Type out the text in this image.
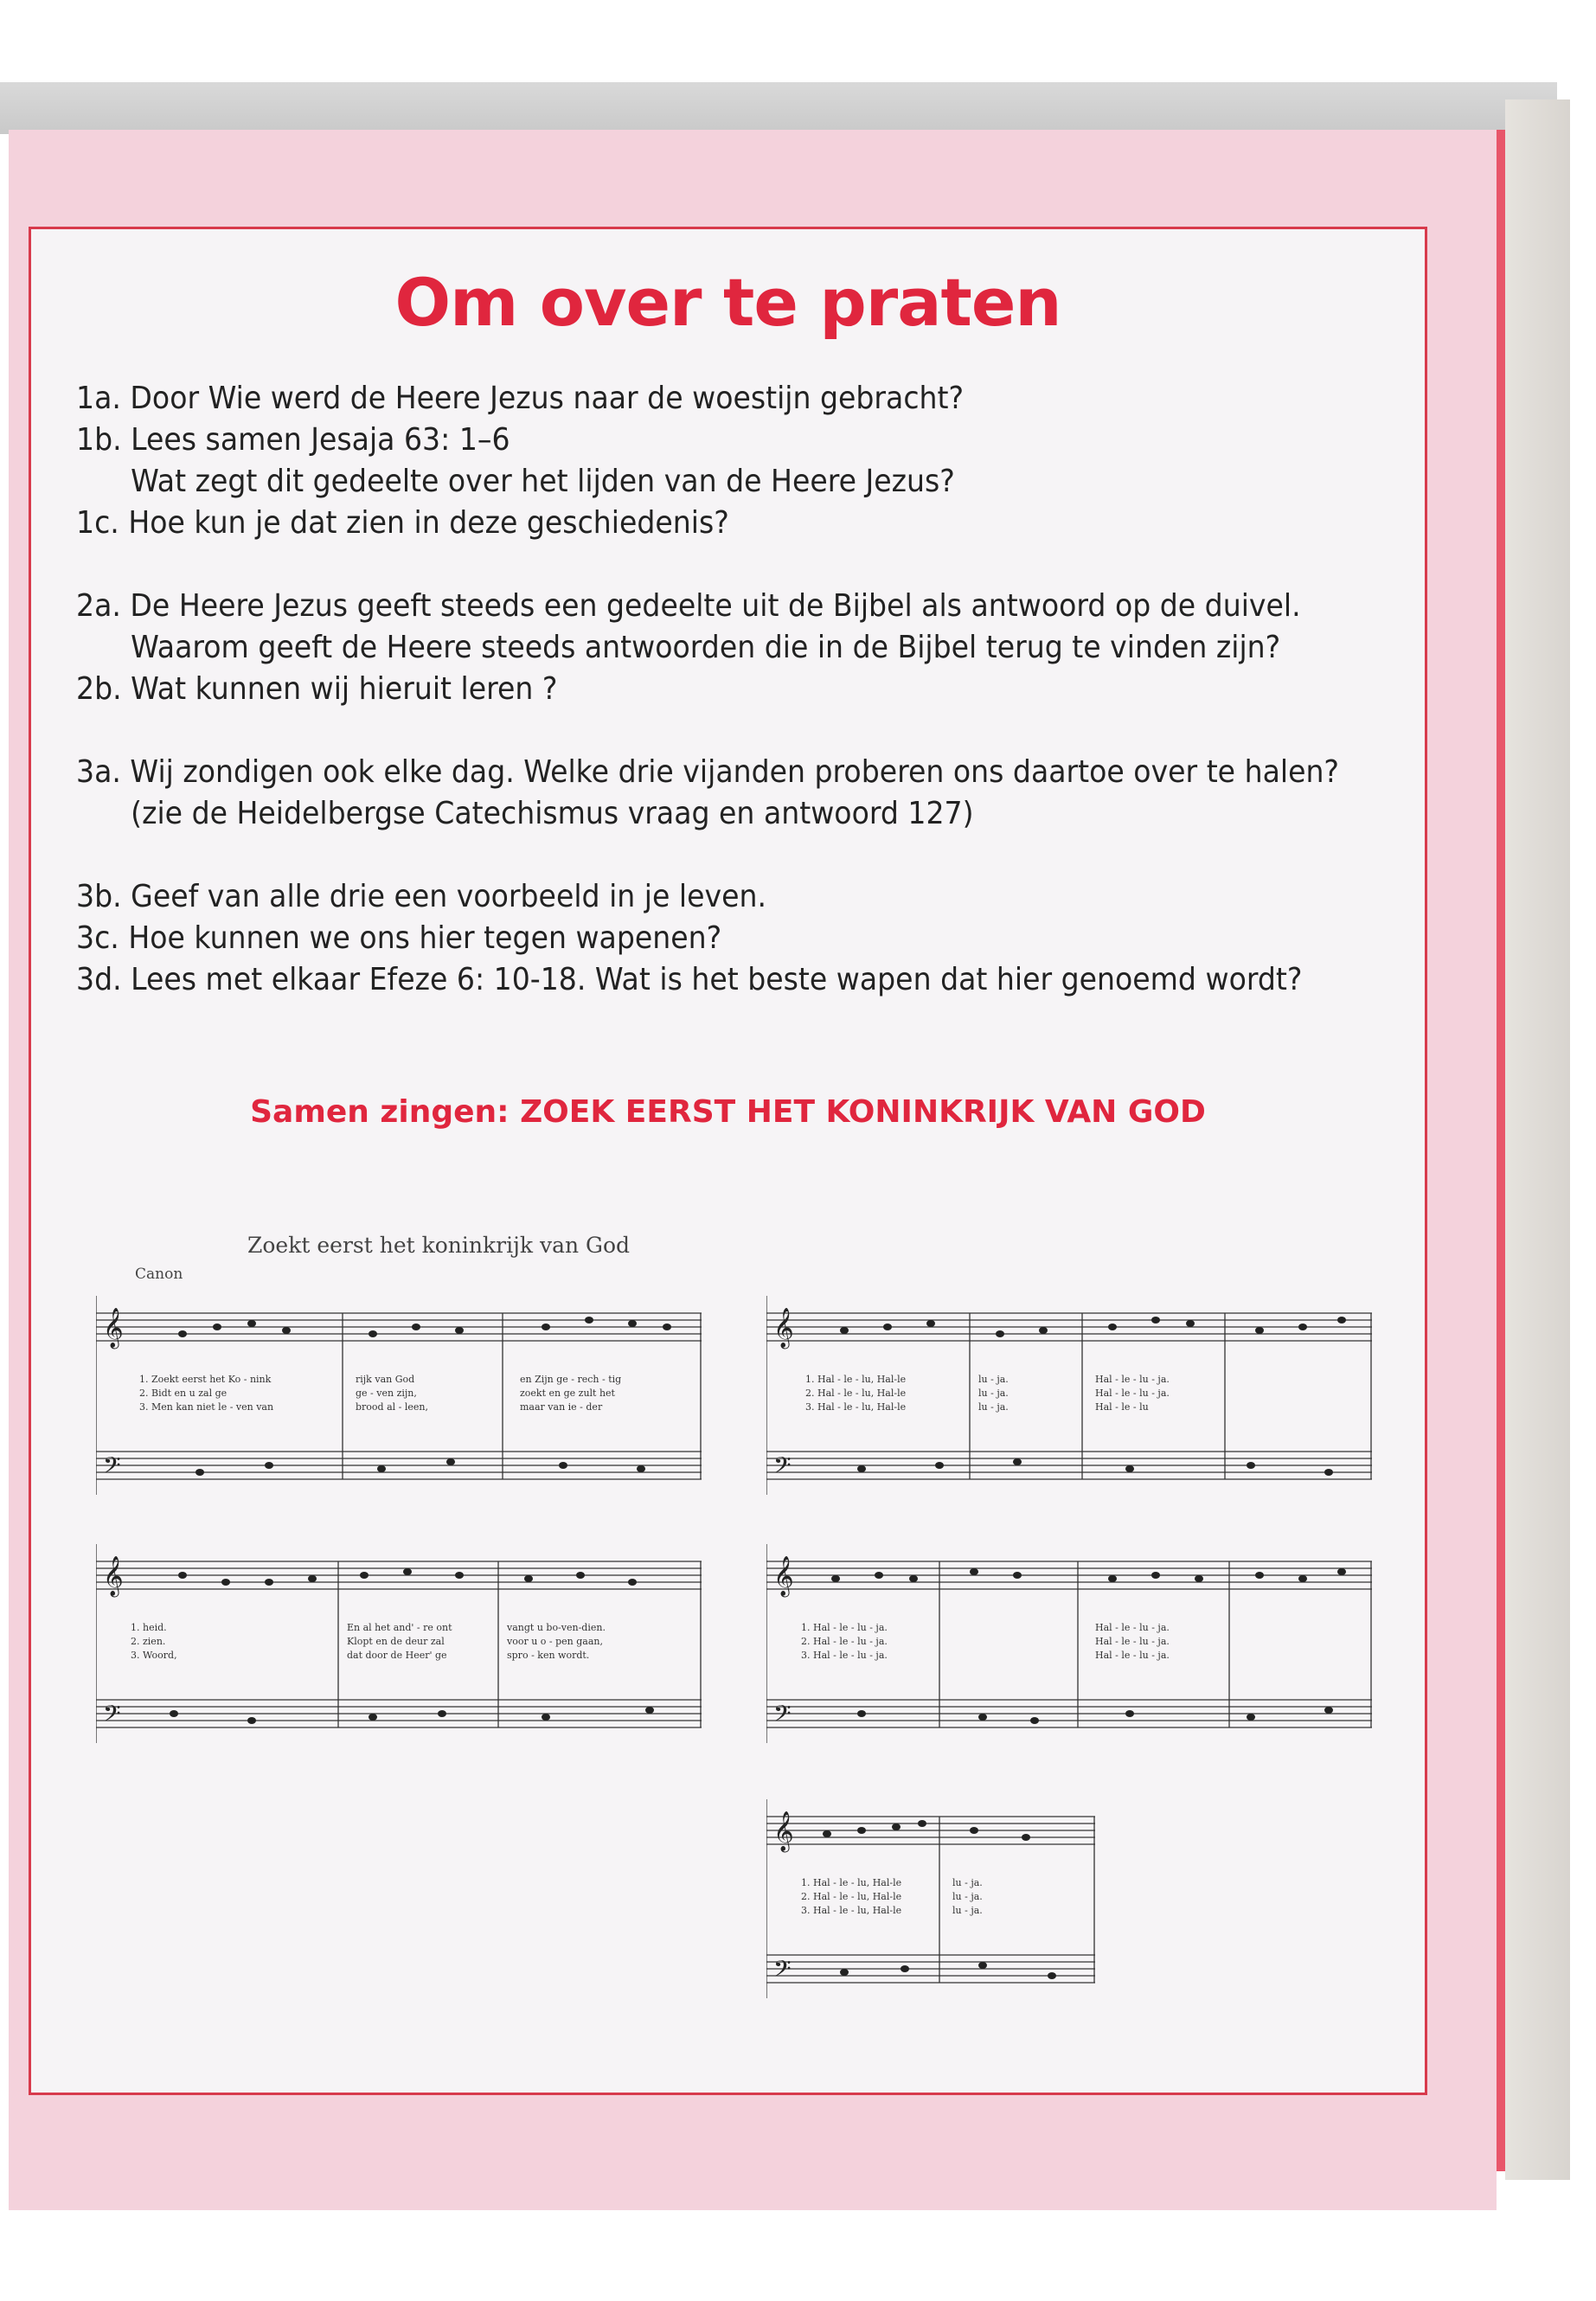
Om over te praten
1a. Door Wie werd de Heere Jezus naar de woestijn gebracht?
1b. Lees samen Jesaja 63: 1–6
Wat zegt dit gedeelte over het lijden van de Heere Jezus?
1c. Hoe kun je dat zien in deze geschiedenis?
2a. De Heere Jezus geeft steeds een gedeelte uit de Bijbel als antwoord op de duivel.
Waarom geeft de Heere steeds antwoorden die in de Bijbel terug te vinden zijn?
2b. Wat kunnen wij hieruit leren ?
3a. Wij zondigen ook elke dag. Welke drie vijanden proberen ons daartoe over te halen?
(zie de Heidelbergse Catechismus vraag en antwoord 127)
3b. Geef van alle drie een voorbeeld in je leven.
3c. Hoe kunnen we ons hier tegen wapenen?
3d. Lees met elkaar Efeze 6: 10-18. Wat is het beste wapen dat hier genoemd wordt?
Samen zingen: ZOEK EERST HET KONINKRIJK VAN GOD
Zoekt eerst het koninkrijk van God
Canon
𝄞
𝄢
1. Zoekt eerst het Ko - nink	rijk van God	en Zijn ge - rech - tig
2. Bidt en u zal ge	ge - ven zijn,	zoekt en ge zult het
3. Men kan niet le - ven van	brood al - leen,	maar van ie - der
𝄞
𝄢
1. Hal - le - lu, Hal-le	lu - ja.	Hal - le - lu - ja.
2. Hal - le - lu, Hal-le	lu - ja.	Hal - le - lu - ja.
3. Hal - le - lu, Hal-le	lu - ja.	Hal - le - lu
𝄞
𝄢
1. heid.	En al het and' - re ont	vangt u bo-ven-dien.
2. zien.	Klopt en de deur zal	voor u o - pen gaan,
3. Woord,	dat door de Heer' ge	spro - ken wordt.
𝄞
𝄢
1. Hal - le - lu - ja.	Hal - le - lu - ja.
2. Hal - le - lu - ja.	Hal - le - lu - ja.
3. Hal - le - lu - ja.	Hal - le - lu - ja.
𝄞
𝄢
1. Hal - le - lu, Hal-le	lu - ja.
2. Hal - le - lu, Hal-le	lu - ja.
3. Hal - le - lu, Hal-le	lu - ja.
